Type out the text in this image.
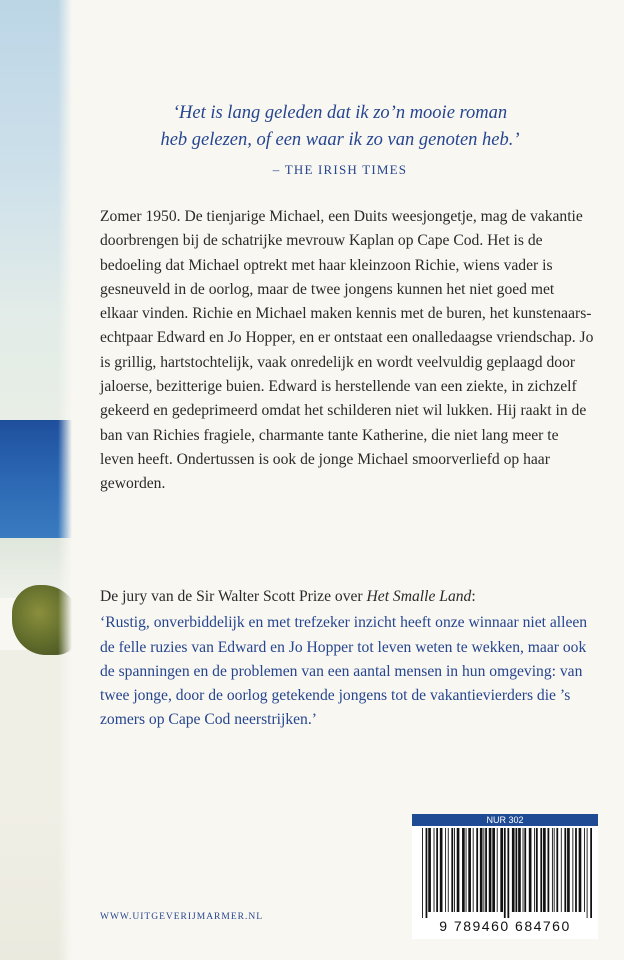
‘Het is lang geleden dat ik zo’n mooie roman
heb gelezen, of een waar ik zo van genoten heb.’
– THE IRISH TIMES

Zomer 1950. De tienjarige Michael, een Duits weesjongetje, mag de vakantie doorbrengen bij de schatrijke mevrouw Kaplan op Cape Cod. Het is de bedoeling dat Michael optrekt met haar kleinzoon Richie, wiens vader is gesneuveld in de oorlog, maar de twee jongens kunnen het niet goed met elkaar vinden. Richie en Michael maken kennis met de buren, het kunstenaars-echtpaar Edward en Jo Hopper, en er ontstaat een onalledaagse vriendschap. Jo is grillig, hartstochtelijk, vaak onredelijk en wordt veelvuldig geplaagd door jaloerse, bezitterige buien. Edward is herstellende van een ziekte, in zichzelf gekeerd en gedeprimeerd omdat het schilderen niet wil lukken. Hij raakt in de ban van Richies fragiele, charmante tante Katherine, die niet lang meer te leven heeft. Ondertussen is ook de jonge Michael smoorverliefd op haar geworden.

De jury van de Sir Walter Scott Prize over Het Smalle Land:
‘Rustig, onverbiddelijk en met trefzeker inzicht heeft onze winnaar niet alleen de felle ruzies van Edward en Jo Hopper tot leven weten te wekken, maar ook de spanningen en de problemen van een aantal mensen in hun omgeving: van twee jonge, door de oorlog getekende jongens tot de vakantievierders die ’s zomers op Cape Cod neerstrijken.’
WWW.UITGEVERIJMARMER.NL
NUR 302
9 789460 684760
